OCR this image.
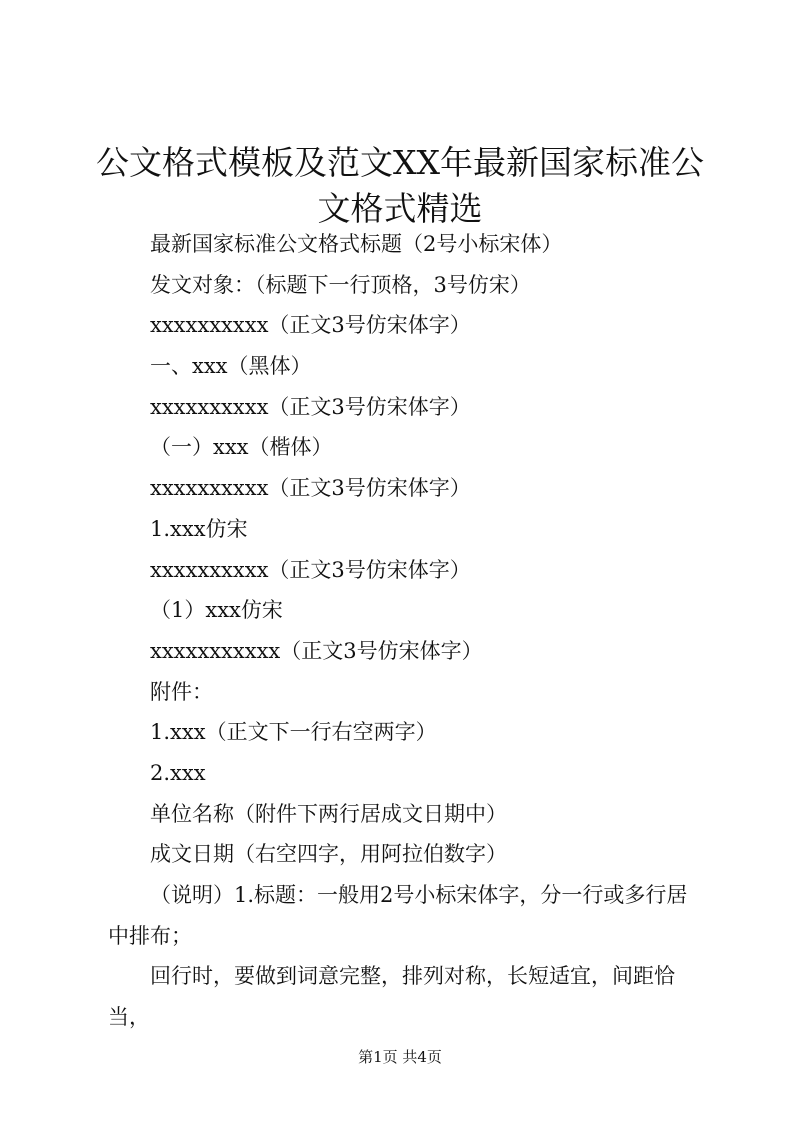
公文格式模板及范文XX年最新国家标准公文格式精选
最新国家标准公文格式标题（2号小标宋体）
发文对象：（标题下一行顶格，3号仿宋）
xxxxxxxxxx（正文3号仿宋体字）
一、xxx（黑体）
xxxxxxxxxx（正文3号仿宋体字）
（一）xxx（楷体）
xxxxxxxxxx（正文3号仿宋体字）
1.xxx仿宋
xxxxxxxxxx（正文3号仿宋体字）
（1）xxx仿宋
xxxxxxxxxxx（正文3号仿宋体字）
附件：
1.xxx（正文下一行右空两字）
2.xxx
单位名称（附件下两行居成文日期中）
成文日期（右空四字，用阿拉伯数字）
（说明）1.标题：一般用2号小标宋体字，分一行或多行居中排布；
回行时，要做到词意完整，排列对称，长短适宜，间距恰当，
第1页 共4页
